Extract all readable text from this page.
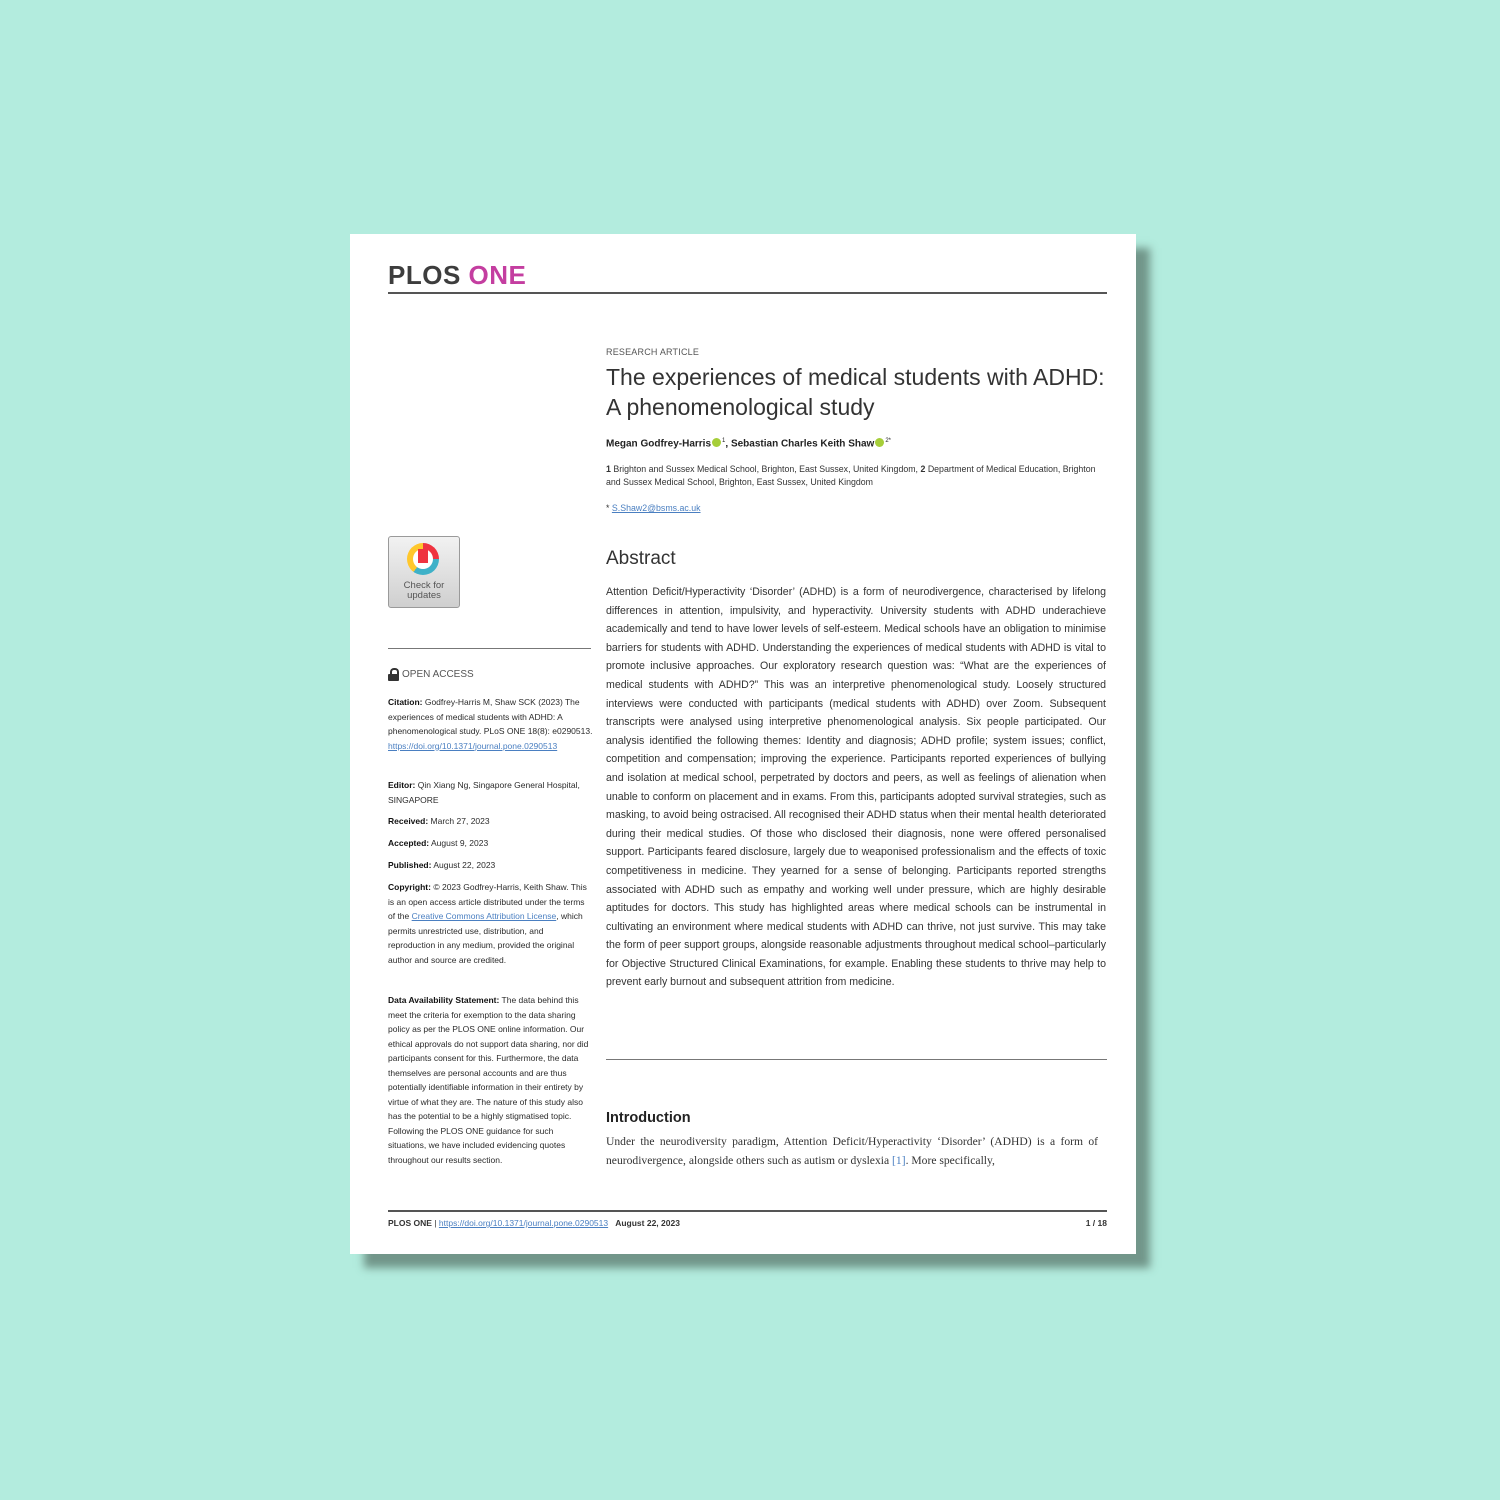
PLOS ONE
Check for
updates
OPEN ACCESS
Citation: Godfrey-Harris M, Shaw SCK (2023) The experiences of medical students with ADHD: A phenomenological study. PLoS ONE 18(8): e0290513. https://doi.org/10.1371/journal.pone.0290513
Editor: Qin Xiang Ng, Singapore General Hospital, SINGAPORE
Received: March 27, 2023
Accepted: August 9, 2023
Published: August 22, 2023
Copyright: © 2023 Godfrey-Harris, Keith Shaw. This is an open access article distributed under the terms of the Creative Commons Attribution License, which permits unrestricted use, distribution, and reproduction in any medium, provided the original author and source are credited.
Data Availability Statement: The data behind this meet the criteria for exemption to the data sharing policy as per the PLOS ONE online information. Our ethical approvals do not support data sharing, nor did participants consent for this. Furthermore, the data themselves are personal accounts and are thus potentially identifiable information in their entirety by virtue of what they are. The nature of this study also has the potential to be a highly stigmatised topic. Following the PLOS ONE guidance for such situations, we have included evidencing quotes throughout our results section.
RESEARCH ARTICLE
The experiences of medical students with ADHD: A phenomenological study
Megan Godfrey-Harris $^1$, Sebastian Charles Keith Shaw $^{2*}$
1 Brighton and Sussex Medical School, Brighton, East Sussex, United Kingdom, 2 Department of Medical Education, Brighton and Sussex Medical School, Brighton, East Sussex, United Kingdom
* S.Shaw2@bsms.ac.uk
Abstract
Attention Deficit/Hyperactivity ‘Disorder’ (ADHD) is a form of neurodivergence, characterised by lifelong differences in attention, impulsivity, and hyperactivity. University students with ADHD underachieve academically and tend to have lower levels of self-esteem. Medical schools have an obligation to minimise barriers for students with ADHD. Understanding the experiences of medical students with ADHD is vital to promote inclusive approaches. Our exploratory research question was: “What are the experiences of medical students with ADHD?” This was an interpretive phenomenological study. Loosely structured interviews were conducted with participants (medical students with ADHD) over Zoom. Subsequent transcripts were analysed using interpretive phenomenological analysis. Six people participated. Our analysis identified the following themes: Identity and diagnosis; ADHD profile; system issues; conflict, competition and compensation; improving the experience. Participants reported experiences of bullying and isolation at medical school, perpetrated by doctors and peers, as well as feelings of alienation when unable to conform on placement and in exams. From this, participants adopted survival strategies, such as masking, to avoid being ostracised. All recognised their ADHD status when their mental health deteriorated during their medical studies. Of those who disclosed their diagnosis, none were offered personalised support. Participants feared disclosure, largely due to weaponised professionalism and the effects of toxic competitiveness in medicine. They yearned for a sense of belonging. Participants reported strengths associated with ADHD such as empathy and working well under pressure, which are highly desirable aptitudes for doctors. This study has highlighted areas where medical schools can be instrumental in cultivating an environment where medical students with ADHD can thrive, not just survive. This may take the form of peer support groups, alongside reasonable adjustments throughout medical school–particularly for Objective Structured Clinical Examinations, for example. Enabling these students to thrive may help to prevent early burnout and subsequent attrition from medicine.
Introduction
Under the neurodiversity paradigm, Attention Deficit/Hyperactivity ‘Disorder’ (ADHD) is a form of neurodivergence, alongside others such as autism or dyslexia [1]. More specifically,
PLOS ONE | https://doi.org/10.1371/journal.pone.0290513 August 22, 2023	1 / 18
